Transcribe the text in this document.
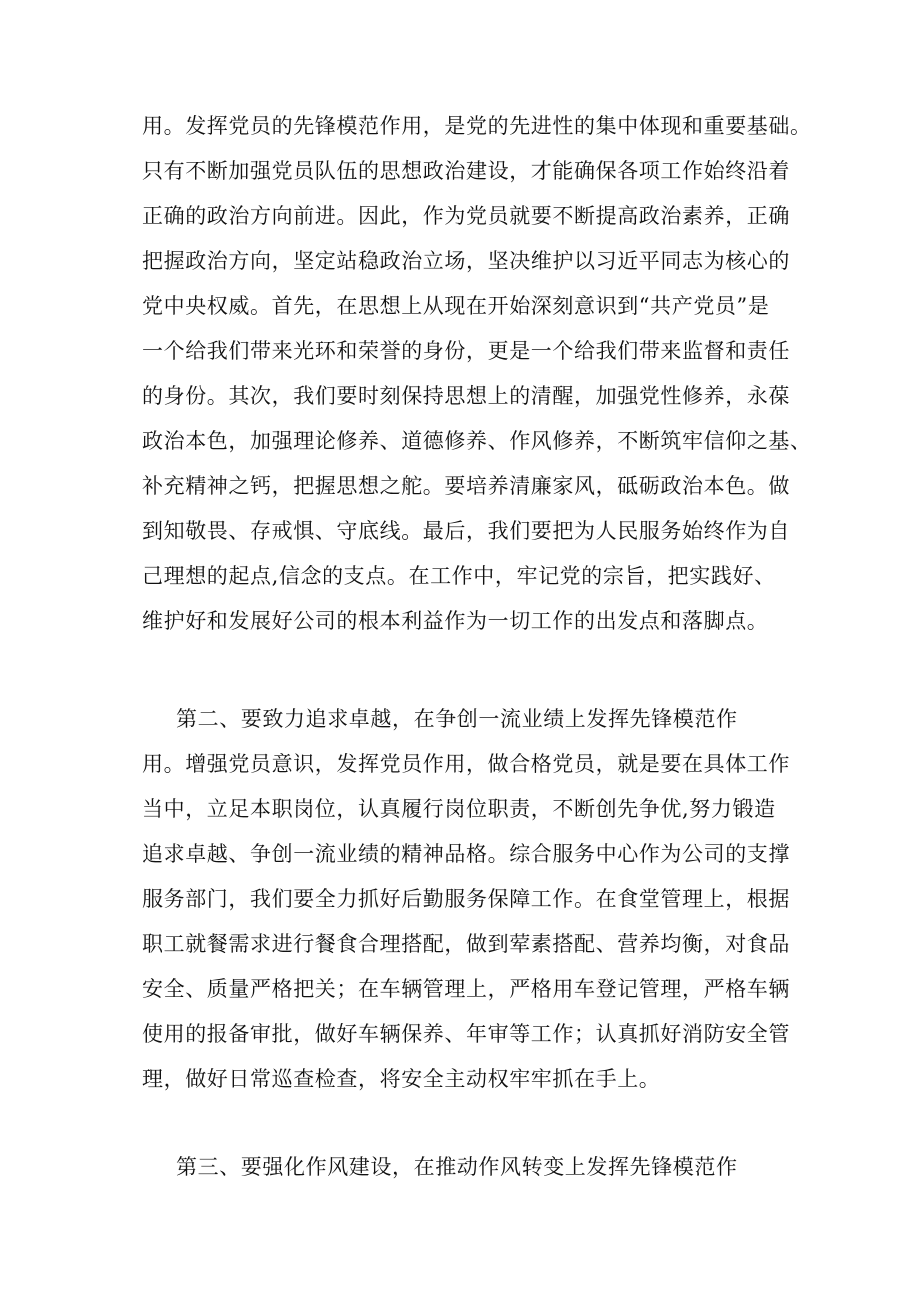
用。发挥党员的先锋模范作用，是党的先进性的集中体现和重要基础。
只有不断加强党员队伍的思想政治建设，才能确保各项工作始终沿着
正确的政治方向前进。因此，作为党员就要不断提高政治素养，正确
把握政治方向，坚定站稳政治立场，坚决维护以习近平同志为核心的
党中央权威。首先，在思想上从现在开始深刻意识到“共产党员”是
一个给我们带来光环和荣誉的身份，更是一个给我们带来监督和责任
的身份。其次，我们要时刻保持思想上的清醒，加强党性修养，永葆
政治本色，加强理论修养、道德修养、作风修养，不断筑牢信仰之基、
补充精神之钙，把握思想之舵。要培养清廉家风，砥砺政治本色。做
到知敬畏、存戒惧、守底线。最后，我们要把为人民服务始终作为自
己理想的起点,信念的支点。在工作中，牢记党的宗旨，把实践好、
维护好和发展好公司的根本利益作为一切工作的出发点和落脚点。
第二、要致力追求卓越，在争创一流业绩上发挥先锋模范作
用。增强党员意识，发挥党员作用，做合格党员，就是要在具体工作
当中，立足本职岗位，认真履行岗位职责，不断创先争优,努力锻造
追求卓越、争创一流业绩的精神品格。综合服务中心作为公司的支撑
服务部门，我们要全力抓好后勤服务保障工作。在食堂管理上，根据
职工就餐需求进行餐食合理搭配，做到荤素搭配、营养均衡，对食品
安全、质量严格把关；在车辆管理上，严格用车登记管理，严格车辆
使用的报备审批，做好车辆保养、年审等工作；认真抓好消防安全管
理，做好日常巡查检查，将安全主动权牢牢抓在手上。
第三、要强化作风建设，在推动作风转变上发挥先锋模范作
